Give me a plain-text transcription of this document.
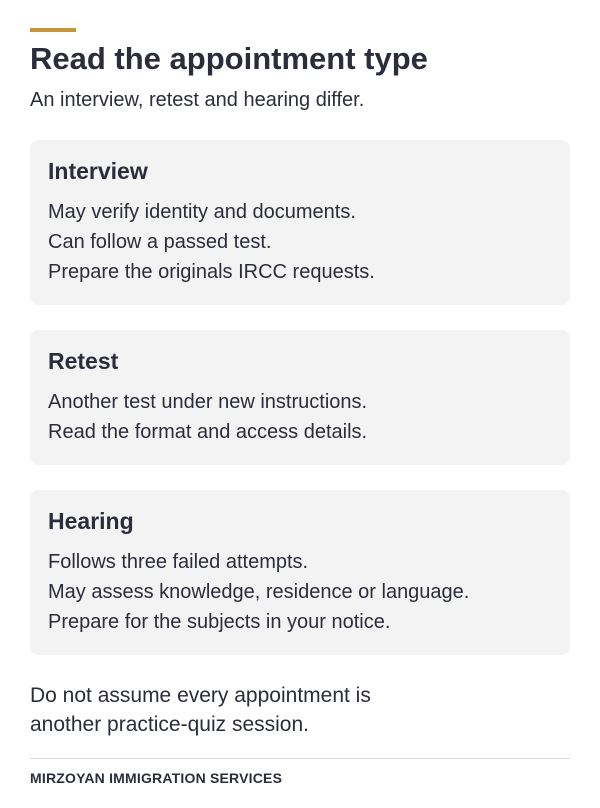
Read the appointment type
An interview, retest and hearing differ.
Interview
May verify identity and documents.
Can follow a passed test.
Prepare the originals IRCC requests.
Retest
Another test under new instructions.
Read the format and access details.
Hearing
Follows three failed attempts.
May assess knowledge, residence or language.
Prepare for the subjects in your notice.
Do not assume every appointment is another practice-quiz session.
MIRZOYAN IMMIGRATION SERVICES
